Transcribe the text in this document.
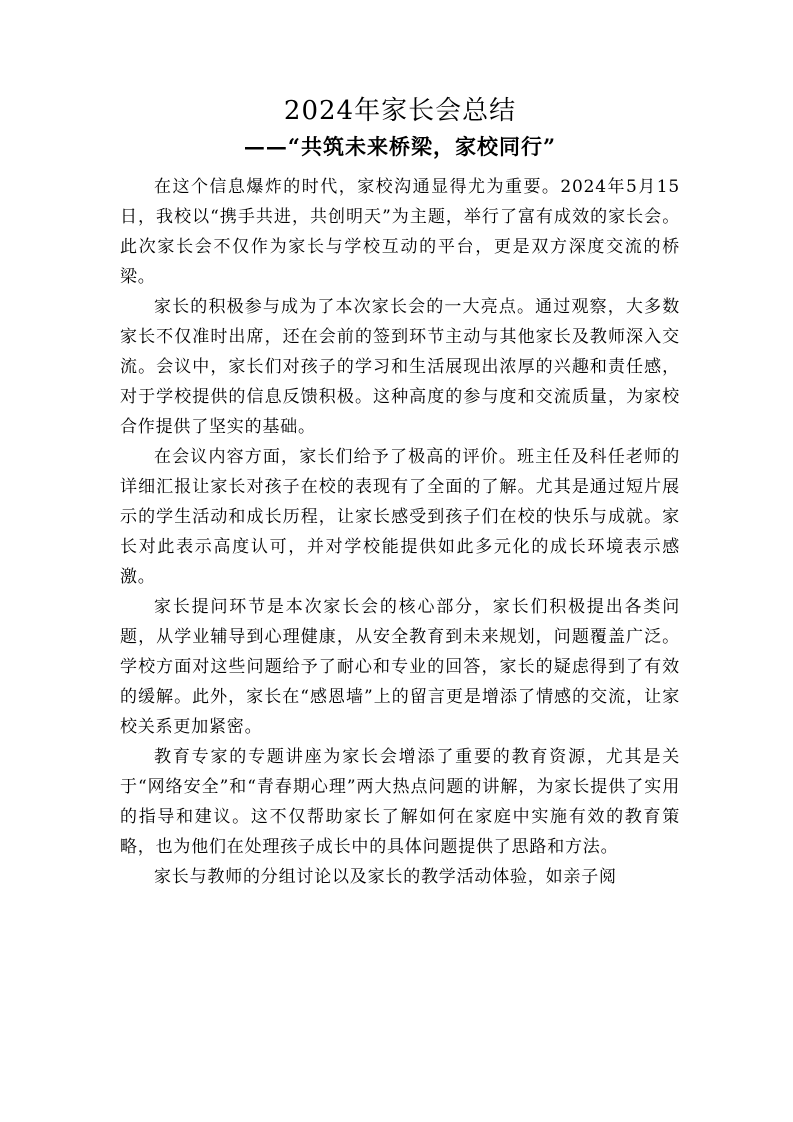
2024年家长会总结
——“共筑未来桥梁，家校同行”

在这个信息爆炸的时代，家校沟通显得尤为重要。2024年5月15日，我校以“携手共进，共创明天”为主题，举行了富有成效的家长会。此次家长会不仅作为家长与学校互动的平台，更是双方深度交流的桥梁。

家长的积极参与成为了本次家长会的一大亮点。通过观察，大多数家长不仅准时出席，还在会前的签到环节主动与其他家长及教师深入交流。会议中，家长们对孩子的学习和生活展现出浓厚的兴趣和责任感，对于学校提供的信息反馈积极。这种高度的参与度和交流质量，为家校合作提供了坚实的基础。

在会议内容方面，家长们给予了极高的评价。班主任及科任老师的详细汇报让家长对孩子在校的表现有了全面的了解。尤其是通过短片展示的学生活动和成长历程，让家长感受到孩子们在校的快乐与成就。家长对此表示高度认可，并对学校能提供如此多元化的成长环境表示感激。

家长提问环节是本次家长会的核心部分，家长们积极提出各类问题，从学业辅导到心理健康，从安全教育到未来规划，问题覆盖广泛。学校方面对这些问题给予了耐心和专业的回答，家长的疑虑得到了有效的缓解。此外，家长在“感恩墙”上的留言更是增添了情感的交流，让家校关系更加紧密。

教育专家的专题讲座为家长会增添了重要的教育资源，尤其是关于“网络安全”和“青春期心理”两大热点问题的讲解，为家长提供了实用的指导和建议。这不仅帮助家长了解如何在家庭中实施有效的教育策略，也为他们在处理孩子成长中的具体问题提供了思路和方法。

家长与教师的分组讨论以及家长的教学活动体验，如亲子阅
